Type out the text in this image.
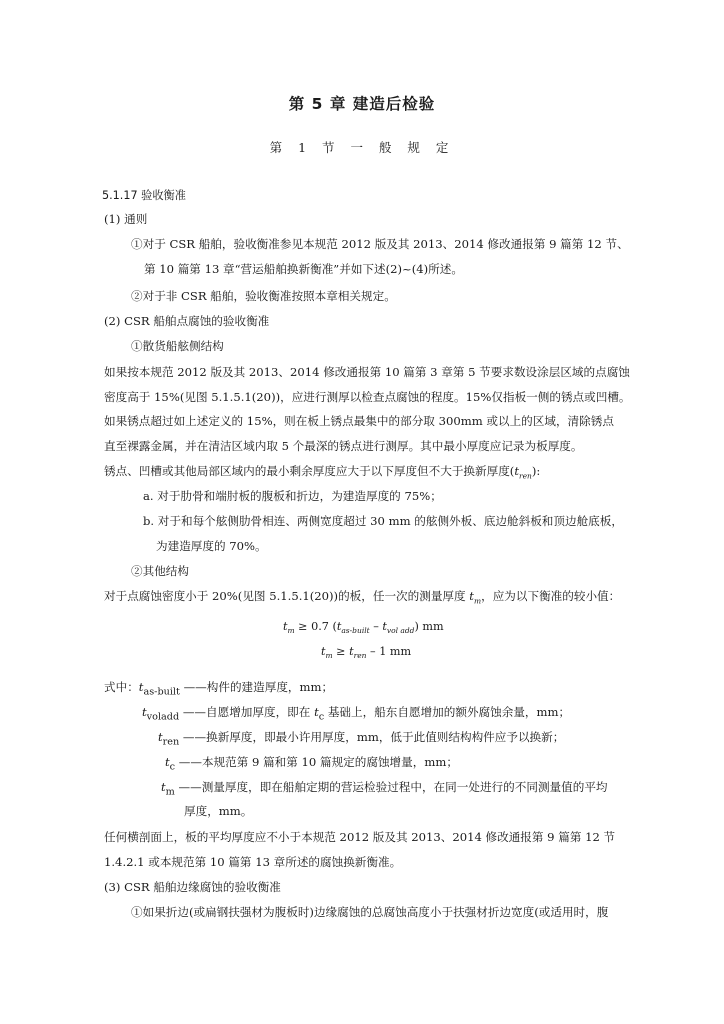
第 5 章 建造后检验
第 1 节 一 般 规 定
5.1.17 验收衡准
(1) 通则
①对于 CSR 船舶，验收衡准参见本规范 2012 版及其 2013、2014 修改通报第 9 篇第 12 节、
第 10 篇第 13 章“营运船舶换新衡准”并如下述(2)~(4)所述。
②对于非 CSR 船舶，验收衡准按照本章相关规定。
(2) CSR 船舶点腐蚀的验收衡准
①散货船舷侧结构
如果按本规范 2012 版及其 2013、2014 修改通报第 10 篇第 3 章第 5 节要求数设涂层区域的点腐蚀
密度高于 15%(见图 5.1.5.1(20))，应进行测厚以检查点腐蚀的程度。15%仅指板一侧的锈点或凹槽。
如果锈点超过如上述定义的 15%，则在板上锈点最集中的部分取 300mm 或以上的区域，清除锈点
直至裸露金属，并在清洁区域内取 5 个最深的锈点进行测厚。其中最小厚度应记录为板厚度。
锈点、凹槽或其他局部区域内的最小剩余厚度应大于以下厚度但不大于换新厚度$(t_{ren})$:
a. 对于肋骨和端肘板的腹板和折边，为建造厚度的 75%；
b. 对于和每个舷侧肋骨相连、两侧宽度超过 30 mm 的舷侧外板、底边舱斜板和顶边舱底板，
为建造厚度的 70%。
②其他结构
对于点腐蚀密度小于 20%(见图 5.1.5.1(20))的板，任一次的测量厚度 $t_m$，应为以下衡准的较小值：
$t_m \ge 0.7$ $(t_{as-built} - t_{vol add})$ mm
$t_m \ge t_{ren} - 1$ mm
式中：$t_{as-built}$ ——构件的建造厚度，mm；
$t_{voladd}$ ——自愿增加厚度，即在 $t_c$ 基础上，船东自愿增加的额外腐蚀余量，mm；
$t_{ren}$ ——换新厚度，即最小许用厚度，mm，低于此值则结构构件应予以换新；
$t_c$ ——本规范第 9 篇和第 10 篇规定的腐蚀增量，mm；
$t_m$ ——测量厚度，即在船舶定期的营运检验过程中，在同一处进行的不同测量值的平均
厚度，mm。
任何横剖面上，板的平均厚度应不小于本规范 2012 版及其 2013、2014 修改通报第 9 篇第 12 节
1.4.2.1 或本规范第 10 篇第 13 章所述的腐蚀换新衡准。
(3) CSR 船舶边缘腐蚀的验收衡准
①如果折边(或扁钢扶强材为腹板时)边缘腐蚀的总腐蚀高度小于扶强材折边宽度(或适用时，腹
